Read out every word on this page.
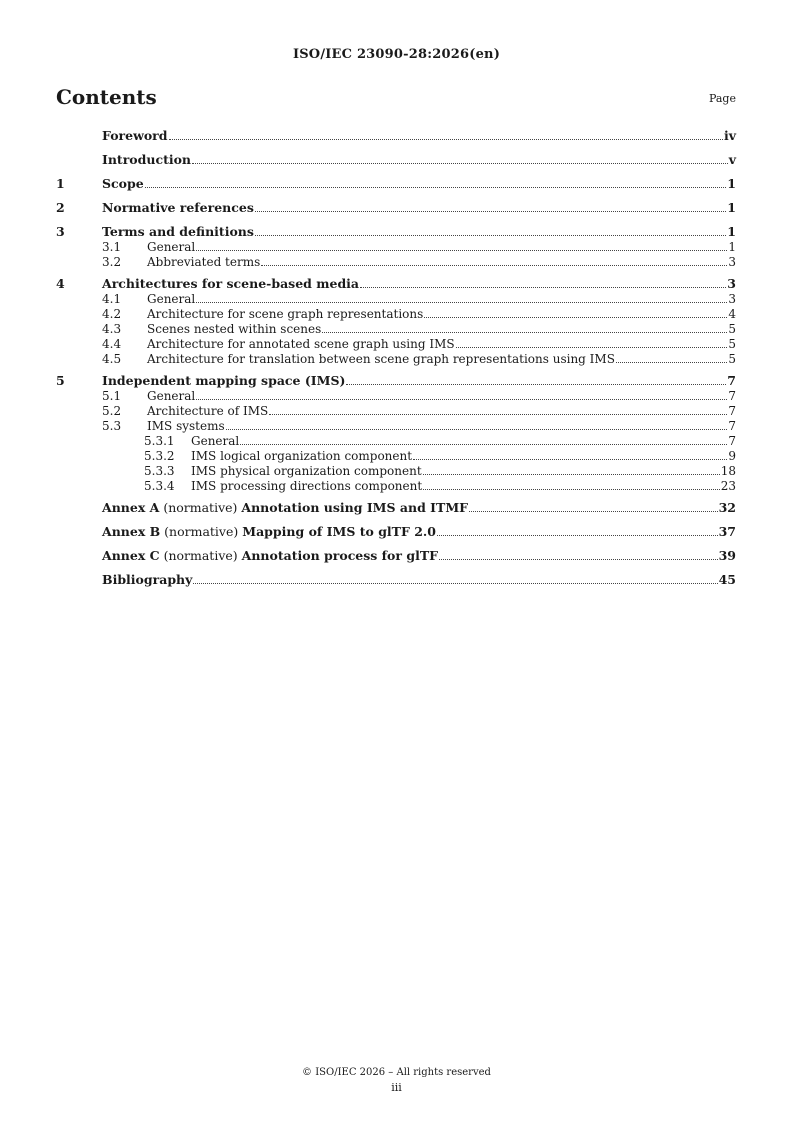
ISO/IEC 23090-28:2026(en)
Contents	Page
Foreword	iv
Introduction	v
1	Scope	1
2	Normative references	1
3	Terms and definitions	1
3.1	General	1
3.2	Abbreviated terms	3
4	Architectures for scene-based media	3
4.1	General	3
4.2	Architecture for scene graph representations	4
4.3	Scenes nested within scenes	5
4.4	Architecture for annotated scene graph using IMS	5
4.5	Architecture for translation between scene graph representations using IMS	5
5	Independent mapping space (IMS)	7
5.1	General	7
5.2	Architecture of IMS	7
5.3	IMS systems	7
5.3.1	General	7
5.3.2	IMS logical organization component	9
5.3.3	IMS physical organization component	18
5.3.4	IMS processing directions component	23
Annex A (normative) Annotation using IMS and ITMF	32
Annex B (normative) Mapping of IMS to glTF 2.0	37
Annex C (normative) Annotation process for glTF	39
Bibliography	45
© ISO/IEC 2026 – All rights reserved
iii
